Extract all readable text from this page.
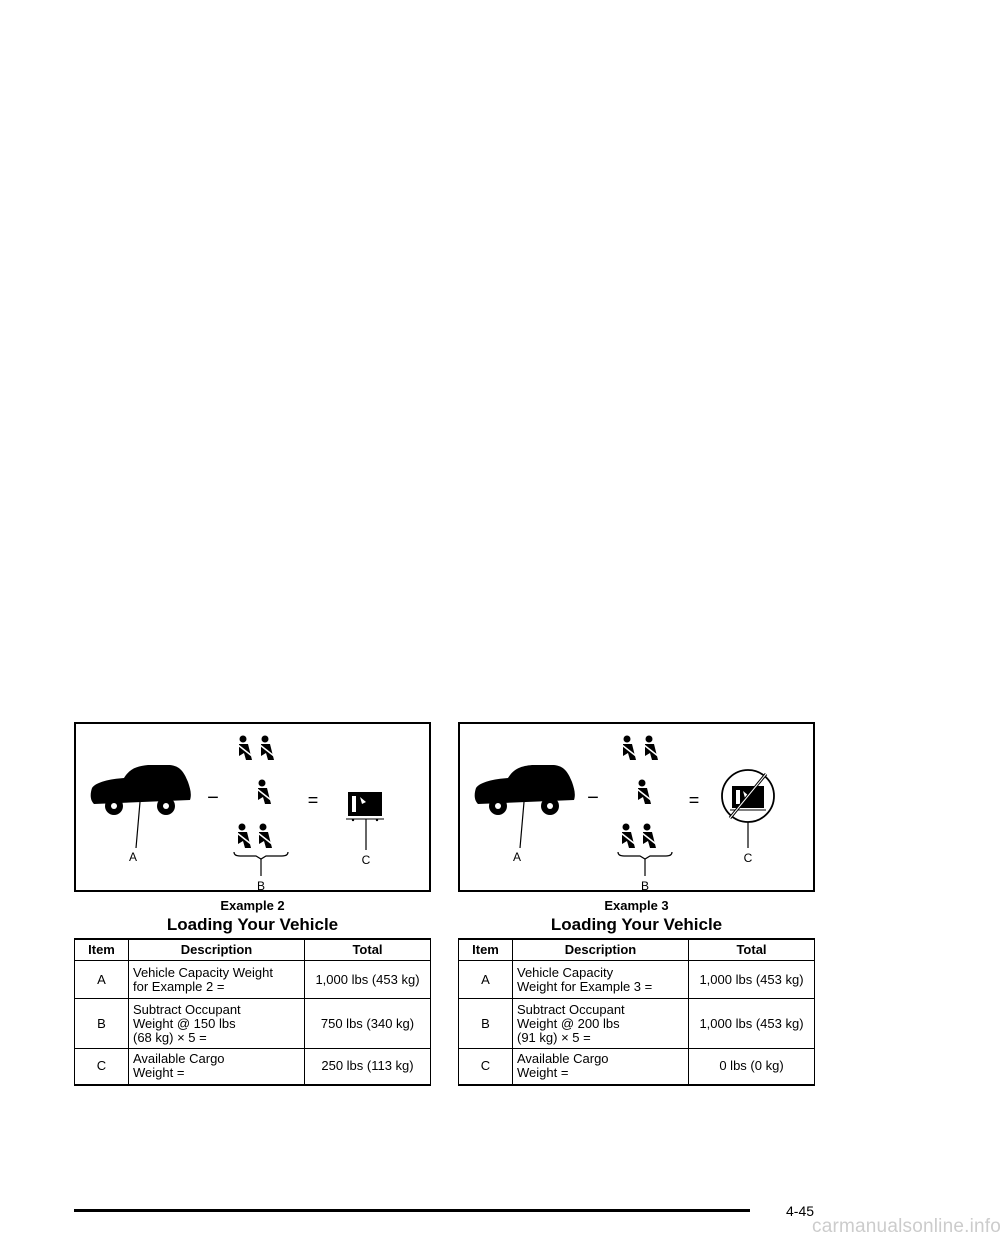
A
−
B
=
C
Example 2
Loading Your Vehicle
Item	Description	Total
A	Vehicle Capacity Weight
for Example 2 =	1,000 lbs (453 kg)
B	Subtract Occupant
Weight @ 150 lbs
(68 kg) × 5 =	750 lbs (340 kg)
C	Available Cargo
Weight =	250 lbs (113 kg)
A
−
B
=
C
Example 3
Loading Your Vehicle
Item	Description	Total
A	Vehicle Capacity
Weight for Example 3 =	1,000 lbs (453 kg)
B	Subtract Occupant
Weight @ 200 lbs
(91 kg) × 5 =	1,000 lbs (453 kg)
C	Available Cargo
Weight =	0 lbs (0 kg)
4-45
carmanualsonline.info
